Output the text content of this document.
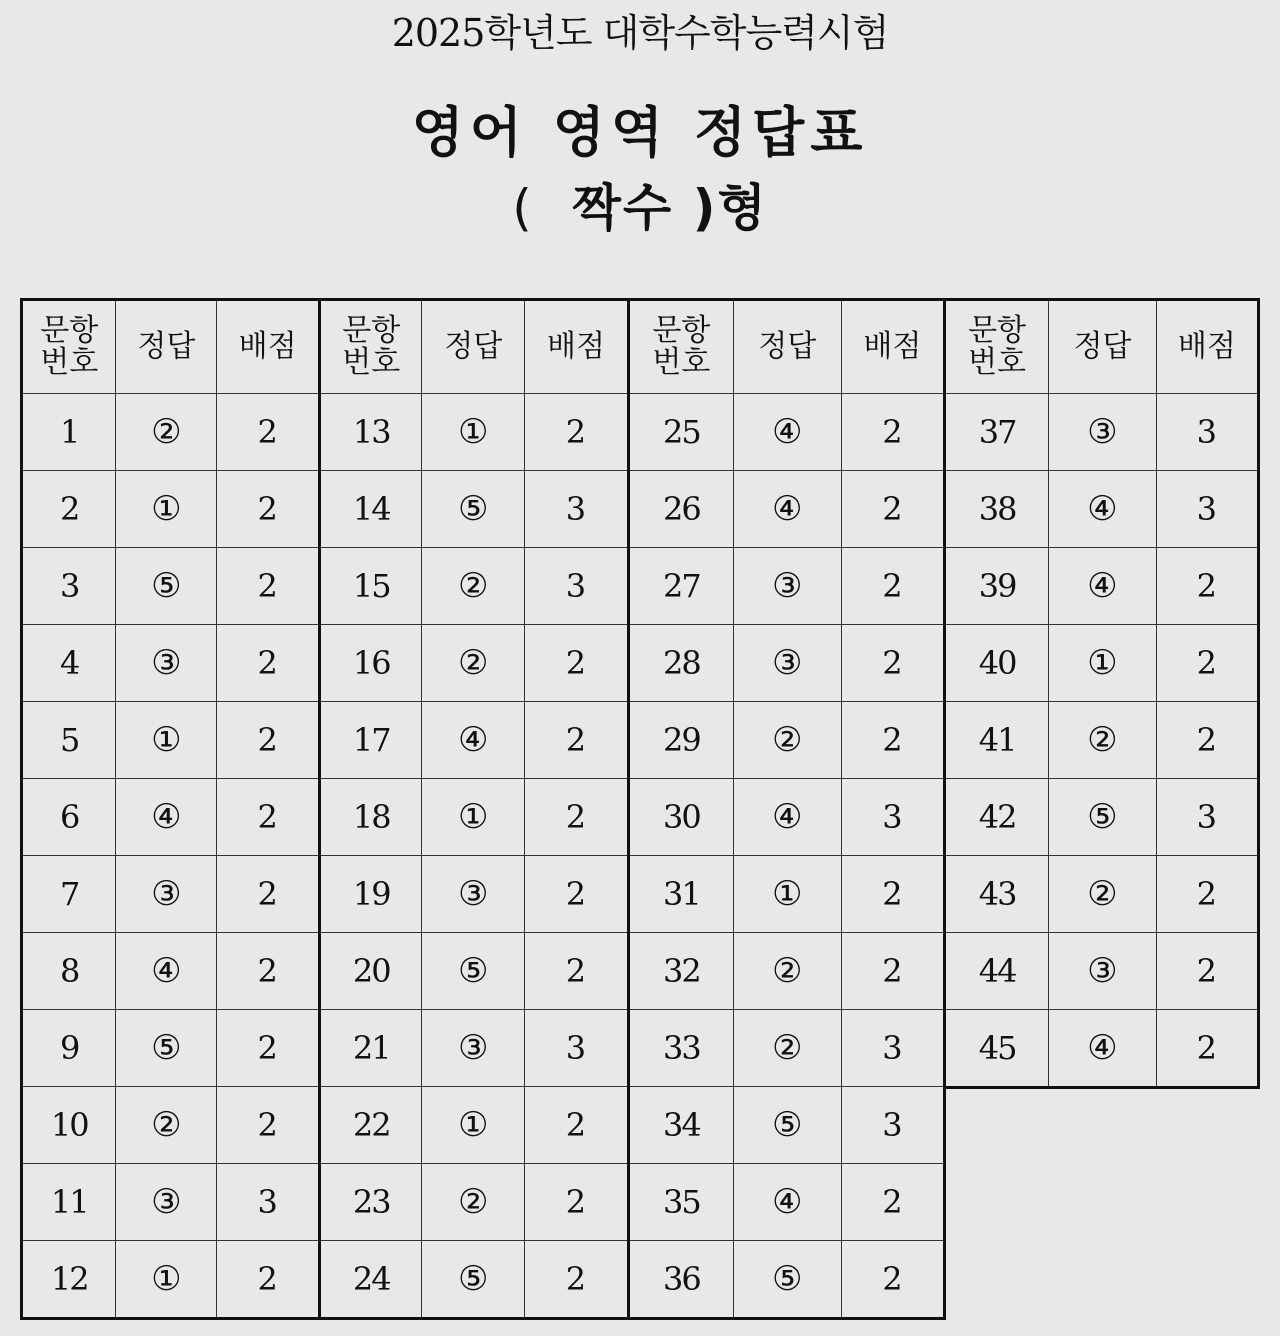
2025학년도 대학수학능력시험
영어 영역 정답표
( 짝수 )형
문항
번호	정답	배점
1	②	2
2	①	2
3	⑤	2
4	③	2
5	①	2
6	④	2
7	③	2
8	④	2
9	⑤	2
10	②	2
11	③	3
12	①	2
문항
번호	정답	배점
13	①	2
14	⑤	3
15	②	3
16	②	2
17	④	2
18	①	2
19	③	2
20	⑤	2
21	③	3
22	①	2
23	②	2
24	⑤	2
문항
번호	정답	배점
25	④	2
26	④	2
27	③	2
28	③	2
29	②	2
30	④	3
31	①	2
32	②	2
33	②	3
34	⑤	3
35	④	2
36	⑤	2
문항
번호	정답	배점
37	③	3
38	④	3
39	④	2
40	①	2
41	②	2
42	⑤	3
43	②	2
44	③	2
45	④	2
